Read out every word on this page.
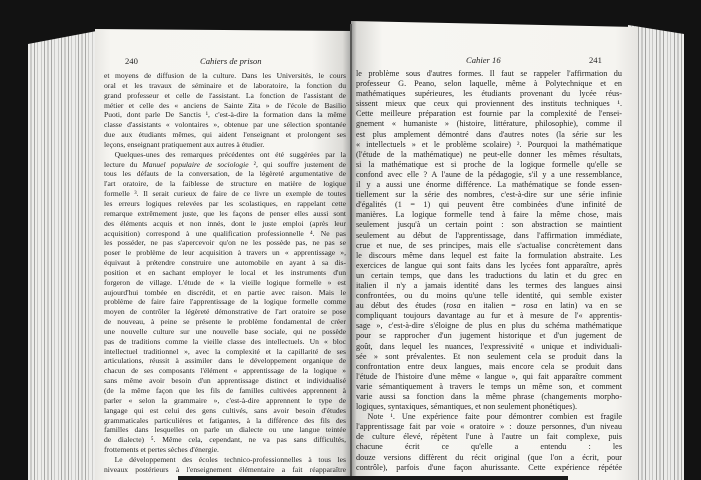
240	Cahiers de prison	Cahier 16	241
et moyens de diffusion de la culture. Dans les Universités, le cours
oral et les travaux de séminaire et de laboratoire, la fonction du
grand professeur et celle de l'assistant. La fonction de l'assistant de
métier et celle des « anciens de Sainte Zita » de l'école de Basilio
Puoti, dont parle De Sanctis ¹, c'est-à-dire la formation dans la même
classe d'assistants « volontaires », obtenue par une sélection spontanée
due aux étudiants mêmes, qui aident l'enseignant et prolongent ses
leçons, enseignant pratiquement aux autres à étudier.
Quelques-unes des remarques précédentes ont été suggérées par la
lecture du Manuel populaire de sociologie ², qui souffre justement de
tous les défauts de la conversation, de la légèreté argumentative de
l'art oratoire, de la faiblesse de structure en matière de logique
formelle ³. Il serait curieux de faire de ce livre un exemple de toutes
les erreurs logiques relevées par les scolastiques, en rappelant cette
remarque extrêmement juste, que les façons de penser elles aussi sont
des éléments acquis et non innés, dont le juste emploi (après leur
acquisition) correspond à une qualification professionnelle ⁴. Ne pas
les posséder, ne pas s'apercevoir qu'on ne les possède pas, ne pas se
poser le problème de leur acquisition à travers un « apprentissage »,
équivaut à prétendre construire une automobile en ayant à sa dis-
position et en sachant employer le local et les instruments d'un
forgeron de village. L'étude de « la vieille logique formelle » est
aujourd'hui tombée en discrédit, et en partie avec raison. Mais le
problème de faire faire l'apprentissage de la logique formelle comme
moyen de contrôler la légèreté démonstrative de l'art oratoire se pose
de nouveau, à peine se présente le problème fondamental de créer
une nouvelle culture sur une nouvelle base sociale, qui ne possède
pas de traditions comme la vieille classe des intellectuels. Un « bloc
intellectuel traditionnel », avec la complexité et la capillarité de ses
articulations, réussit à assimiler dans le développement organique de
chacun de ses composants l'élément « apprentissage de la logique »
sans même avoir besoin d'un apprentissage distinct et individualisé
(de la même façon que les fils de familles cultivées apprennent à
parler « selon la grammaire », c'est-à-dire apprennent le type de
langage qui est celui des gens cultivés, sans avoir besoin d'études
grammaticales particulières et fatigantes, à la différence des fils des
familles dans lesquelles on parle un dialecte ou une langue teintée
de dialecte) ⁵. Même cela, cependant, ne va pas sans difficultés,
frottements et pertes sèches d'énergie.
Le développement des écoles technico-professionnelles à tous les
niveaux postérieurs à l'enseignement élémentaire a fait réapparaître
le problème sous d'autres formes. Il faut se rappeler l'affirmation du
professeur G. Peano, selon laquelle, même à Polytechnique et en
mathématiques supérieures, les étudiants provenant du lycée réus-
sissent mieux que ceux qui proviennent des instituts techniques ¹.
Cette meilleure préparation est fournie par la complexité de l'ensei-
gnement « humaniste » (histoire, littérature, philosophie), comme il
est plus amplement démontré dans d'autres notes (la série sur les
« intellectuels » et le problème scolaire) ². Pourquoi la mathématique
(l'étude de la mathématique) ne peut-elle donner les mêmes résultats,
si la mathématique est si proche de la logique formelle qu'elle se
confond avec elle ? A l'aune de la pédagogie, s'il y a une ressemblance,
il y a aussi une énorme différence. La mathématique se fonde essen-
tiellement sur la série des nombres, c'est-à-dire sur une série infinie
d'égalités (1 = 1) qui peuvent être combinées d'une infinité de
manières. La logique formelle tend à faire la même chose, mais
seulement jusqu'à un certain point : son abstraction se maintient
seulement au début de l'apprentissage, dans l'affirmation immédiate,
crue et nue, de ses principes, mais elle s'actualise concrètement dans
le discours même dans lequel est faite la formulation abstraite. Les
exercices de langue qui sont faits dans les lycées font apparaître, après
un certain temps, que dans les traductions du latin et du grec en
italien il n'y a jamais identité dans les termes des langues ainsi
confrontées, ou du moins qu'une telle identité, qui semble exister
au début des études (rosa en italien = rosa en latin) va en se
compliquant toujours davantage au fur et à mesure de l'« apprentis-
sage », c'est-à-dire s'éloigne de plus en plus du schéma mathématique
pour se rapprocher d'un jugement historique et d'un jugement de
goût, dans lequel les nuances, l'expressivité « unique et individuali-
sée » sont prévalentes. Et non seulement cela se produit dans la
confrontation entre deux langues, mais encore cela se produit dans
l'étude de l'histoire d'une même « langue », qui fait apparaître comment
varie sémantiquement à travers le temps un même son, et comment
varie aussi sa fonction dans la même phrase (changements morpho-
logiques, syntaxiques, sémantiques, et non seulement phonétiques).
Note ¹. Une expérience faite pour démontrer combien est fragile
l'apprentissage fait par voie « oratoire » : douze personnes, d'un niveau
de culture élevé, répètent l'une à l'autre un fait complexe, puis
chacune écrit ce qu'elle a entendu : les
douze versions diffèrent du récit original (que l'on a écrit, pour
contrôle), parfois d'une façon ahurissante. Cette expérience répétée
